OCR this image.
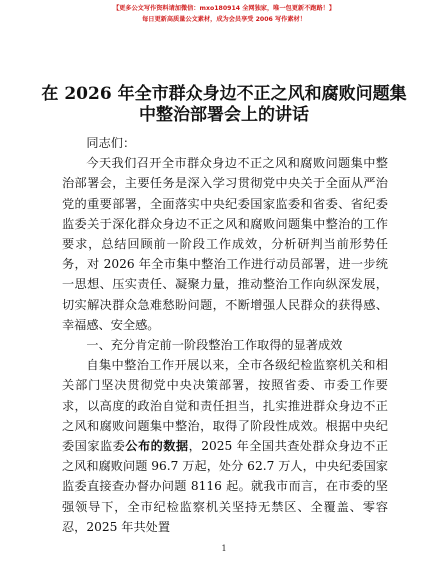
【更多公文写作资料请加微信：mxo180914 全网独家，唯一包更新不跑路！】
每日更新高质量公文素材，成为会员享受 2006 写作素材！
在 2026 年全市群众身边不正之风和腐败问题集中整治部署会上的讲话

同志们：

今天我们召开全市群众身边不正之风和腐败问题集中整治部署会，主要任务是深入学习贯彻党中央关于全面从严治党的重要部署，全面落实中央纪委国家监委和省委、省纪委监委关于深化群众身边不正之风和腐败问题集中整治的工作要求，总结回顾前一阶段工作成效，分析研判当前形势任务，对 2026 年全市集中整治工作进行动员部署，进一步统一思想、压实责任、凝聚力量，推动整治工作向纵深发展，切实解决群众急难愁盼问题，不断增强人民群众的获得感、幸福感、安全感。

一、充分肯定前一阶段整治工作取得的显著成效

自集中整治工作开展以来，全市各级纪检监察机关和相关部门坚决贯彻党中央决策部署，按照省委、市委工作要求，以高度的政治自觉和责任担当，扎实推进群众身边不正之风和腐败问题集中整治，取得了阶段性成效。根据中央纪委国家监委公布的数据，2025 年全国共查处群众身边不正之风和腐败问题 96.7 万起，处分 62.7 万人，中央纪委国家监委直接查办督办问题 8116 起。就我市而言，在市委的坚强领导下，全市纪检监察机关坚持无禁区、全覆盖、零容忍，2025 年共处置

1
